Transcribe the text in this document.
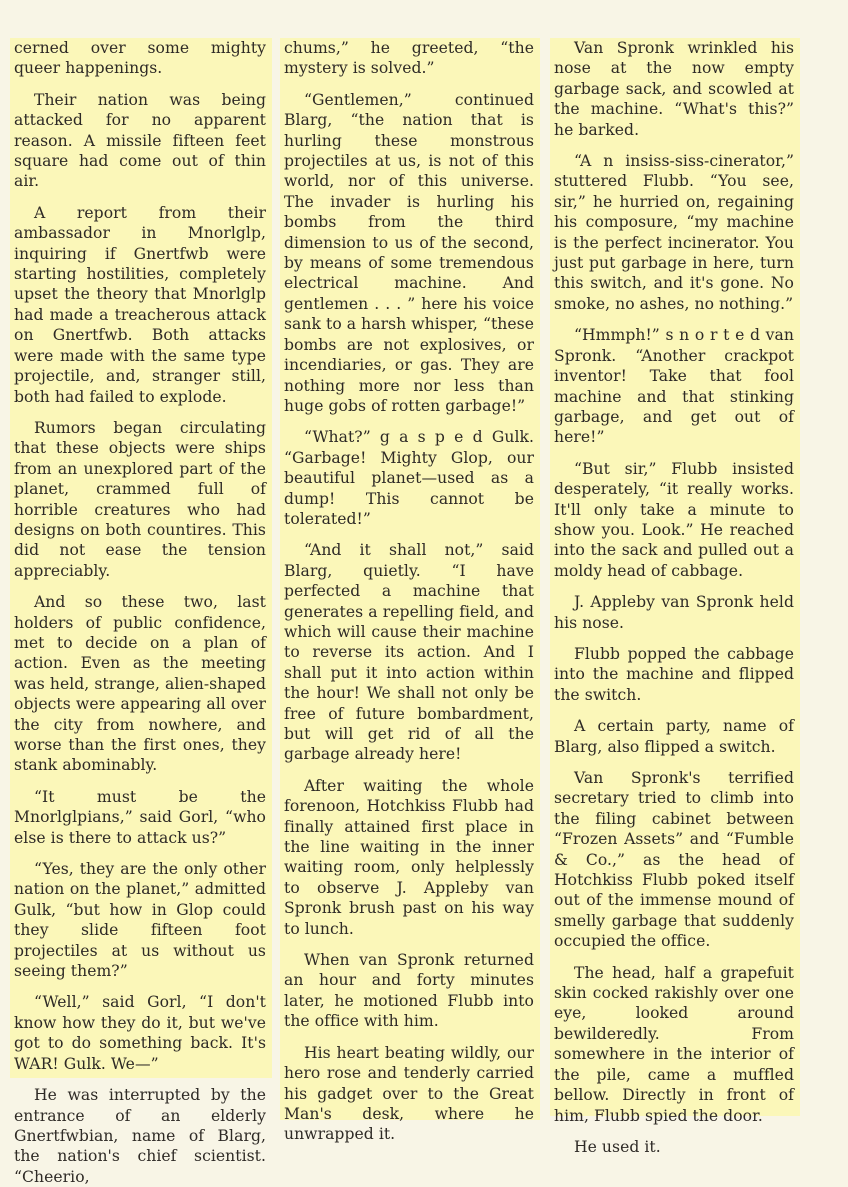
cerned over some mighty queer happenings.

Their nation was being attacked for no apparent reason. A missile fifteen feet square had come out of thin air.

A report from their ambassador in Mnorlglp, inquiring if Gnertfwb were starting hostilities, completely upset the theory that Mnorlglp had made a treacherous attack on Gnertfwb. Both attacks were made with the same type projectile, and, stranger still, both had failed to explode.

Rumors began circulating that these objects were ships from an unexplored part of the planet, crammed full of horrible creatures who had designs on both countires. This did not ease the tension appreciably.

And so these two, last holders of public confidence, met to decide on a plan of action. Even as the meeting was held, strange, alien-shaped objects were appearing all over the city from nowhere, and worse than the first ones, they stank abominably.

“It must be the Mnorlglpians,” said Gorl, “who else is there to attack us?”

“Yes, they are the only other nation on the planet,” admitted Gulk, “but how in Glop could they slide fifteen foot projectiles at us without us seeing them?”

“Well,” said Gorl, “I don't know how they do it, but we've got to do something back. It's WAR! Gulk. We—”

He was interrupted by the entrance of an elderly Gnertfwbian, name of Blarg, the nation's chief scientist. “Cheerio,

chums,” he greeted, “the mystery is solved.”

“Gentlemen,” continued Blarg, “the nation that is hurling these monstrous projectiles at us, is not of this world, nor of this universe. The invader is hurling his bombs from the third dimension to us of the second, by means of some tremendous electrical machine. And gentlemen . . . ” here his voice sank to a harsh whisper, “these bombs are not explosives, or incendiaries, or gas. They are nothing more nor less than huge gobs of rotten garbage!”

“What?” g a s p e d Gulk. “Garbage! Mighty Glop, our beautiful planet—used as a dump! This cannot be tolerated!”

“And it shall not,” said Blarg, quietly. “I have perfected a machine that generates a repelling field, and which will cause their machine to reverse its action. And I shall put it into action within the hour! We shall not only be free of future bombardment, but will get rid of all the garbage already here!

After waiting the whole forenoon, Hotchkiss Flubb had finally attained first place in the line waiting in the inner waiting room, only helplessly to observe J. Appleby van Spronk brush past on his way to lunch.

When van Spronk returned an hour and forty minutes later, he motioned Flubb into the office with him.

His heart beating wildly, our hero rose and tenderly carried his gadget over to the Great Man's desk, where he unwrapped it.

Van Spronk wrinkled his nose at the now empty garbage sack, and scowled at the machine. “What's this?” he barked.

“A n insiss-siss-cinerator,” stuttered Flubb. “You see, sir,” he hurried on, regaining his composure, “my machine is the perfect incinerator. You just put garbage in here, turn this switch, and it's gone. No smoke, no ashes, no nothing.”

“Hmmph!” s n o r t e d van Spronk. “Another crackpot inventor! Take that fool machine and that stinking garbage, and get out of here!”

“But sir,” Flubb insisted desperately, “it really works. It'll only take a minute to show you. Look.” He reached into the sack and pulled out a moldy head of cabbage.

J. Appleby van Spronk held his nose.

Flubb popped the cabbage into the machine and flipped the switch.

A certain party, name of Blarg, also flipped a switch.

Van Spronk's terrified secretary tried to climb into the filing cabinet between “Frozen Assets” and “Fumble & Co.,” as the head of Hotchkiss Flubb poked itself out of the immense mound of smelly garbage that suddenly occupied the office.

The head, half a grapefuit skin cocked rakishly over one eye, looked around bewilderedly. From somewhere in the interior of the pile, came a muffled bellow. Directly in front of him, Flubb spied the door.

He used it.
